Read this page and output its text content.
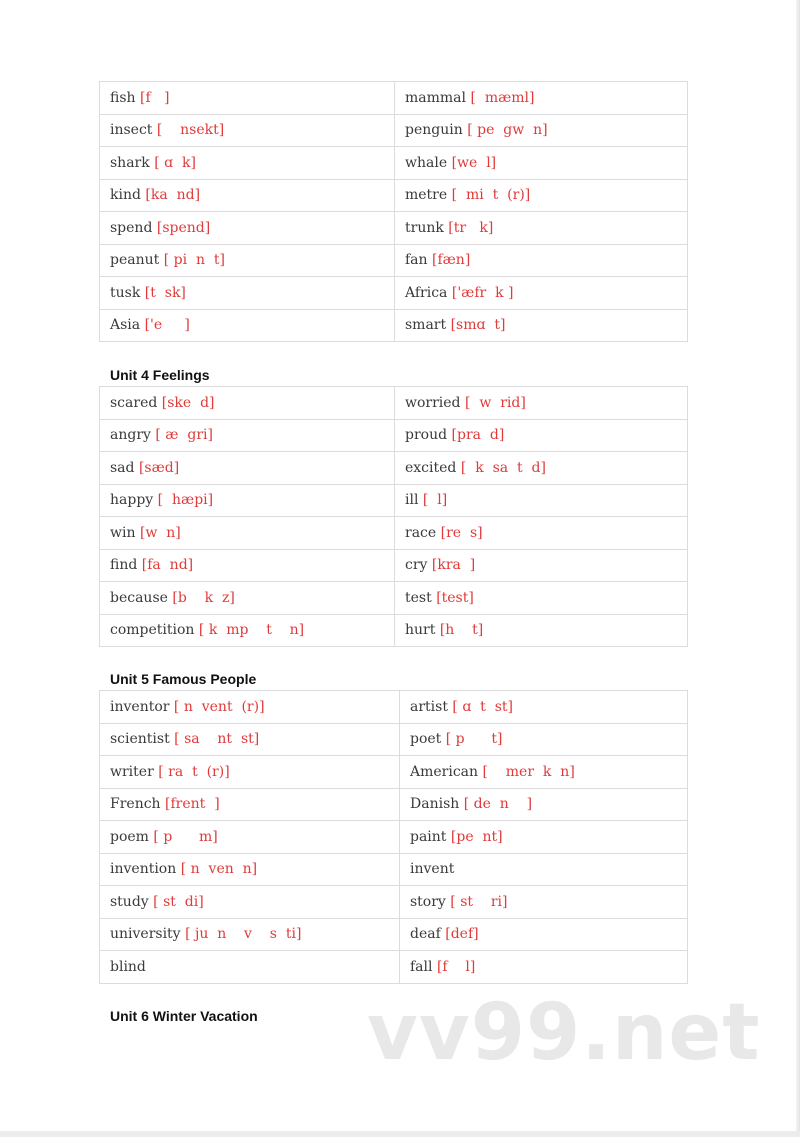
fish [f   ]	mammal [  mæml]
insect [    nsekt]	penguin [ pe  gw  n]
shark [ ɑ  k]	whale [we  l]
kind [ka  nd]	metre [  mi  t  (r)]
spend [spend]	trunk [tr   k]
peanut [ pi  n  t]	fan [fæn]
tusk [t  sk]	Africa ['æfr  k ]
Asia ['e     ]	smart [smɑ  t]
Unit 4 Feelings
scared [ske  d]	worried [  w  rid]
angry [ æ  gri]	proud [pra  d]
sad [sæd]	excited [  k  sa  t  d]
happy [  hæpi]	ill [  l]
win [w  n]	race [re  s]
find [fa  nd]	cry [kra  ]
because [b    k  z]	test [test]
competition [ k  mp    t    n]	hurt [h    t]
Unit 5 Famous People
inventor [ n  vent  (r)]	artist [ ɑ  t  st]
scientist [ sa    nt  st]	poet [ p      t]
writer [ ra  t  (r)]	American [    mer  k  n]
French [frent  ]	Danish [ de  n    ]
poem [ p      m]	paint [pe  nt]
invention [ n  ven  n]	invent
study [ st  di]	story [ st    ri]
university [ ju  n    v    s  ti]	deaf [def]
blind	fall [f    l]
Unit 6 Winter Vacation vv99.net
